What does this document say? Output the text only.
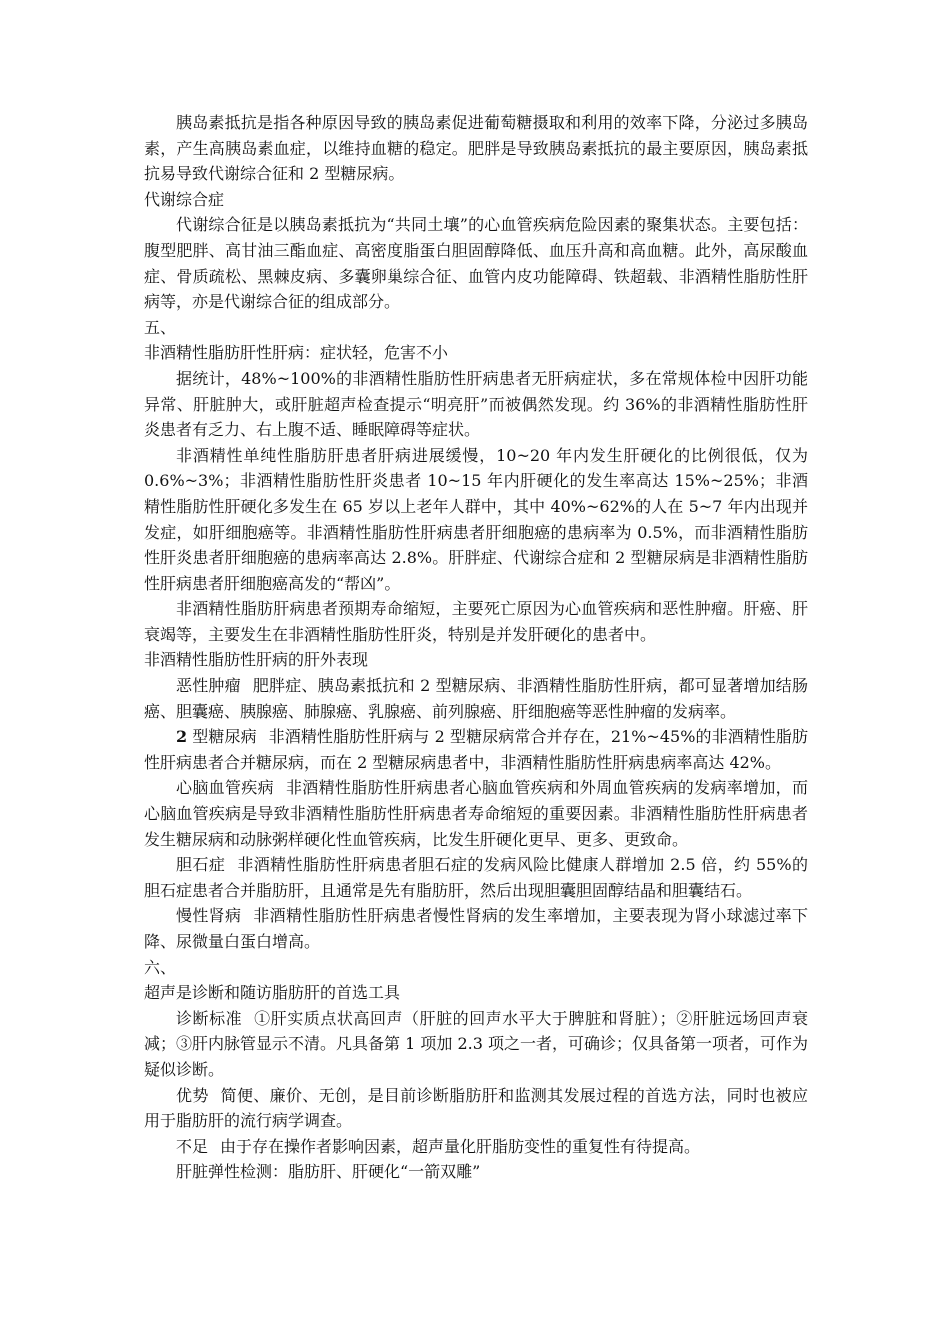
胰岛素抵抗是指各种原因导致的胰岛素促进葡萄糖摄取和利用的效率下降，分泌过多胰岛素，产生高胰岛素血症，以维持血糖的稳定。肥胖是导致胰岛素抵抗的最主要原因，胰岛素抵抗易导致代谢综合征和 2 型糖尿病。

代谢综合症

代谢综合征是以胰岛素抵抗为“共同土壤”的心血管疾病危险因素的聚集状态。主要包括：腹型肥胖、高甘油三酯血症、高密度脂蛋白胆固醇降低、血压升高和高血糖。此外，高尿酸血症、骨质疏松、黑棘皮病、多囊卵巢综合征、血管内皮功能障碍、铁超载、非酒精性脂肪性肝病等，亦是代谢综合征的组成部分。

五、

非酒精性脂肪肝性肝病：症状轻，危害不小

据统计，48%~100%的非酒精性脂肪性肝病患者无肝病症状，多在常规体检中因肝功能异常、肝脏肿大，或肝脏超声检查提示“明亮肝”而被偶然发现。约 36%的非酒精性脂肪性肝炎患者有乏力、右上腹不适、睡眠障碍等症状。

非酒精性单纯性脂肪肝患者肝病进展缓慢，10~20 年内发生肝硬化的比例很低，仅为 0.6%~3%；非酒精性脂肪性肝炎患者 10~15 年内肝硬化的发生率高达 15%~25%；非酒精性脂肪性肝硬化多发生在 65 岁以上老年人群中，其中 40%~62%的人在 5~7 年内出现并发症，如肝细胞癌等。非酒精性脂肪性肝病患者肝细胞癌的患病率为 0.5%，而非酒精性脂肪性肝炎患者肝细胞癌的患病率高达 2.8%。肝胖症、代谢综合症和 2 型糖尿病是非酒精性脂肪性肝病患者肝细胞癌高发的“帮凶”。

非酒精性脂肪肝病患者预期寿命缩短，主要死亡原因为心血管疾病和恶性肿瘤。肝癌、肝衰竭等，主要发生在非酒精性脂肪性肝炎，特别是并发肝硬化的患者中。

非酒精性脂肪性肝病的肝外表现

恶性肿瘤 肥胖症、胰岛素抵抗和 2 型糖尿病、非酒精性脂肪性肝病，都可显著增加结肠癌、胆囊癌、胰腺癌、肺腺癌、乳腺癌、前列腺癌、肝细胞癌等恶性肿瘤的发病率。

2 型糖尿病 非酒精性脂肪性肝病与 2 型糖尿病常合并存在，21%~45%的非酒精性脂肪性肝病患者合并糖尿病，而在 2 型糖尿病患者中，非酒精性脂肪性肝病患病率高达 42%。

心脑血管疾病 非酒精性脂肪性肝病患者心脑血管疾病和外周血管疾病的发病率增加，而心脑血管疾病是导致非酒精性脂肪性肝病患者寿命缩短的重要因素。非酒精性脂肪性肝病患者发生糖尿病和动脉粥样硬化性血管疾病，比发生肝硬化更早、更多、更致命。

胆石症 非酒精性脂肪性肝病患者胆石症的发病风险比健康人群增加 2.5 倍，约 55%的胆石症患者合并脂肪肝，且通常是先有脂肪肝，然后出现胆囊胆固醇结晶和胆囊结石。

慢性肾病 非酒精性脂肪性肝病患者慢性肾病的发生率增加，主要表现为肾小球滤过率下降、尿微量白蛋白增高。

六、

超声是诊断和随访脂肪肝的首选工具

诊断标准 ①肝实质点状高回声（肝脏的回声水平大于脾脏和肾脏）；②肝脏远场回声衰减；③肝内脉管显示不清。凡具备第 1 项加 2.3 项之一者，可确诊；仅具备第一项者，可作为疑似诊断。

优势 简便、廉价、无创，是目前诊断脂肪肝和监测其发展过程的首选方法，同时也被应用于脂肪肝的流行病学调查。

不足 由于存在操作者影响因素，超声量化肝脂肪变性的重复性有待提高。

肝脏弹性检测：脂肪肝、肝硬化“一箭双雕”
